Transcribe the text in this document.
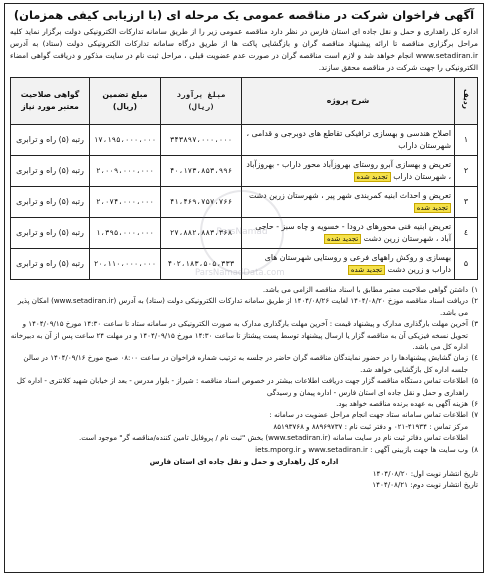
آگهی فراخوان شرکت در مناقصه عمومی یک مرحله ای (با ارزیابی کیفی همزمان)
اداره کل راهداری و حمل و نقل جاده ای استان فارس در نظر دارد مناقصه عمومی زیر را از طریق سامانه تدارکات الکترونیکی دولت برگزار نماید کلیه مراحل برگزاری مناقصه تا ارائه پیشنهاد مناقصه گران و بازگشایی پاکت ها از طریق درگاه سامانه تدارکات الکترونیکی دولت (ستاد) به آدرس www.setadiran.ir انجام خواهد شد و لازم است مناقصه گران در صورت عدم عضویت قبلی ، مراحل ثبت نام در سایت مذکور و دریافت گواهی امضاء الکترونیکی را جهت شرکت در مناقصه محقق سازند.
ردیف	شرح پروژه	مبلغ برآورد (ریال)	مبلغ تضمین (ریال)	گواهی صلاحیت معتبر مورد نیاز
۱	اصلاح هندسی و بهسازی ترافیکی تقاطع های دوبرجی و قدامی ، شهرستان داراب	۳۴۳۸۹۷،۰۰۰،۰۰۰	۱۷،۱۹۵،۰۰۰،۰۰۰	رتبه (۵) راه و ترابری
۲	تعریض و بهسازی آبرو روستای بهروزآباد محور داراب - بهروزآباد ، شهرستان داراب تجدید شده	۴۰،۱۷۳،۸۵۳،۹۹۶	۲،۰۰۹،۰۰۰،۰۰۰	رتبه (۵) راه و ترابری
۳	تعریض و احداث ابنیه کمربندی شهر پیر ، شهرستان زرین دشت تجدید شده	۴۱،۴۶۹،۷۵۷،۷۶۶	۲،۰۷۴،۰۰۰،۰۰۰	رتبه (۵) راه و ترابری
٤	تعریض ابنیه فنی محورهای درودا - خسویه و چاه سبز - حاجی آباد ، شهرستان زرین دشت تجدید شده	۲۷،۸۸۲،۸۸۳،۳۶۸	۱،۳۹۵،۰۰۰،۰۰۰	رتبه (۵) راه و ترابری
۵	بهسازی و روکش راههای فرعی و روستایی شهرستان های داراب و زرین دشت تجدید شده	۴۰۲،۱۸۳،۵۰۵،۳۳۳	۲۰،۱۱۰،۰۰۰،۰۰۰	رتبه (۵) راه و ترابری
۱)
داشتن گواهی صلاحیت معتبر مطابق با اسناد مناقصه الزامی می باشد.
۲)
دریافت اسناد مناقصه موزخ ۱۴۰۴/۰۸/۲۰ لغایت ۱۴۰۴/۰۸/۲۶ از طریق سامانه تدارکات الکترونیکی دولت (ستاد) به آدرس (www.setadiran.ir) امکان پذیر می باشد.
۳)
آخرین مهلت بارگذاری مدارک و پیشنهاد قیمت : آخرین مهلت بارگذاری مدارک به صورت الکترونیکی در سامانه ستاد تا ساعت ۱۴:۳۰ مورخ ۱۴۰۴/۰۹/۱۵ و تحویل نسخه فیزیکی آن به مناقصه گزار یا ارسال پیشنهاد توسط پست پیشتاز تا ساعت ۱۴:۳۰ مورخ ۱۴۰۴/۰۹/۱۵ و در مهلت ۲۴ ساعت پس از آن به دبیرخانه اداره کل می باشد.
٤)
زمان گشایش پیشنهادها را در حضور نمایندگان مناقصه گران حاضر در جلسه به ترتیب شماره فراخوان در ساعت ۰۸:۰۰ صبح مورخ ۱۴۰۴/۰۹/۱۶ در سالن جلسه اداره کل بازگشایی خواهد شد.
۵)
اطلاعات تماس دستگاه مناقصه گزار جهت دریافت اطلاعات بیشتر در خصوص اسناد مناقصه : شیراز - بلوار مدرس - بعد از خیابان شهید کلانتری - اداره کل راهداری و حمل و نقل جاده ای استان فارس - اداره پیمان و رسیدگی
۶)
هزینه آگهی به عهده برنده مناقصه خواهد بود.
۷)
اطلاعات تماس سامانه ستاد جهت انجام مراحل عضویت در سامانه :
مرکز تماس : ۴۱۹۳۴-۰۲۱ و دفتر ثبت نام : ۸۸۹۶۹۷۳۷ و ۸۵۱۹۳۷۶۸
اطلاعات تماس دفاتر ثبت نام در سایت سامانه (www.setadiran.ir) بخش "ثبت نام / پروفایل تامین کننده/مناقصه گر" موجود است.
۸)
وب سایت ها جهت بازبینی آگهی : www.setadiran.ir و iets.mporg.ir
اداره کل راهداری و حمل و نقل جاده ای استان فارس
تاریخ انتشار نوبت اول: ۱۴۰۴/۰۸/۲۰
تاریخ انتشار نوبت دوم: ۱۴۰۴/۰۸/۲۱
ParsNamad
ParsNamadData.com
